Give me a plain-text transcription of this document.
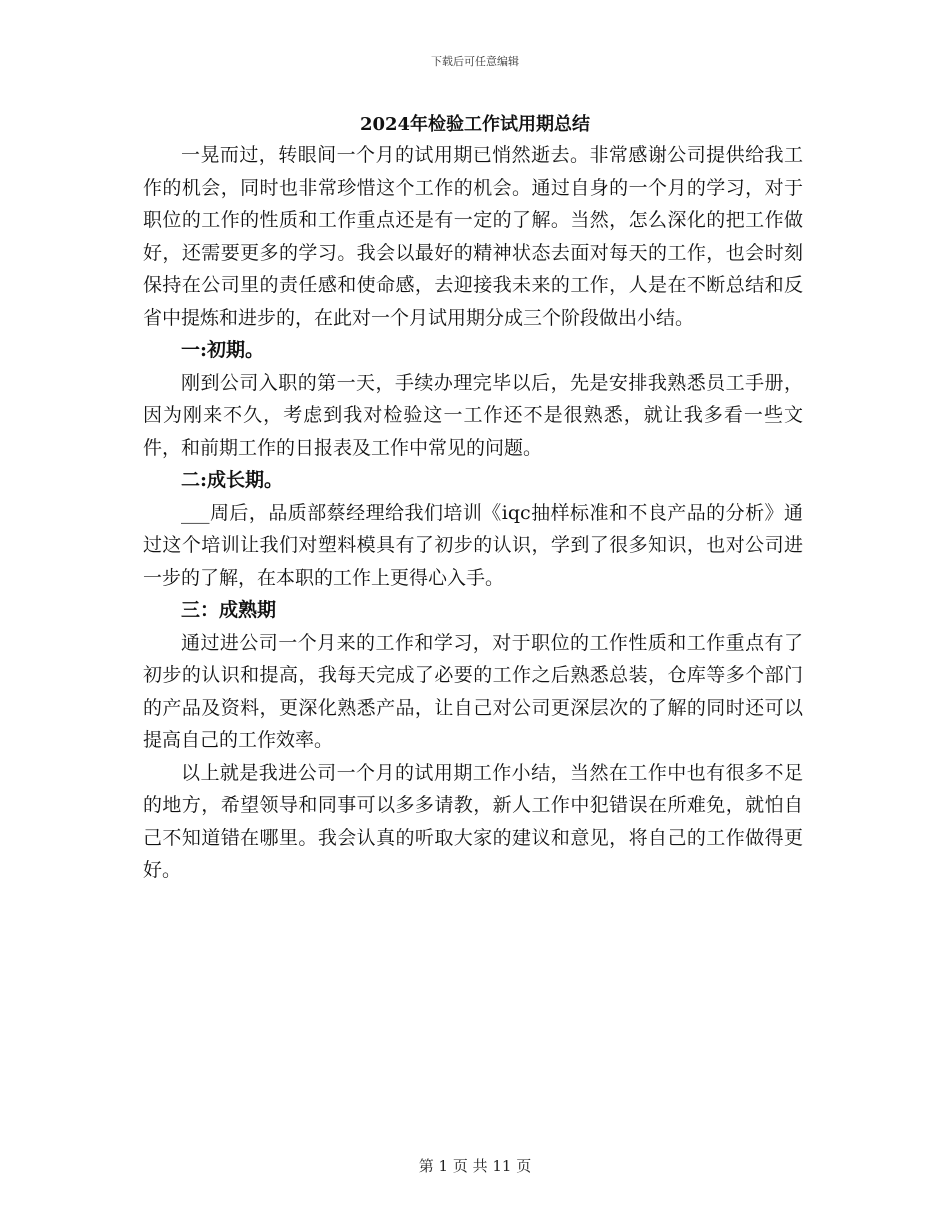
下载后可任意编辑
2024年检验工作试用期总结

一晃而过，转眼间一个月的试用期已悄然逝去。非常感谢公司提供给我工作的机会，同时也非常珍惜这个工作的机会。通过自身的一个月的学习，对于职位的工作的性质和工作重点还是有一定的了解。当然，怎么深化的把工作做好，还需要更多的学习。我会以最好的精神状态去面对每天的工作，也会时刻保持在公司里的责任感和使命感，去迎接我未来的工作，人是在不断总结和反省中提炼和进步的，在此对一个月试用期分成三个阶段做出小结。

一:初期。

刚到公司入职的第一天，手续办理完毕以后，先是安排我熟悉员工手册，因为刚来不久，考虑到我对检验这一工作还不是很熟悉，就让我多看一些文件，和前期工作的日报表及工作中常见的问题。

二:成长期。

___周后，品质部蔡经理给我们培训《iqc抽样标准和不良产品的分析》通过这个培训让我们对塑料模具有了初步的认识，学到了很多知识，也对公司进一步的了解，在本职的工作上更得心入手。

三：成熟期

通过进公司一个月来的工作和学习，对于职位的工作性质和工作重点有了初步的认识和提高，我每天完成了必要的工作之后熟悉总装，仓库等多个部门的产品及资料，更深化熟悉产品，让自己对公司更深层次的了解的同时还可以提高自己的工作效率。

以上就是我进公司一个月的试用期工作小结，当然在工作中也有很多不足的地方，希望领导和同事可以多多请教，新人工作中犯错误在所难免，就怕自己不知道错在哪里。我会认真的听取大家的建议和意见，将自己的工作做得更好。

第 1 页 共 11 页
